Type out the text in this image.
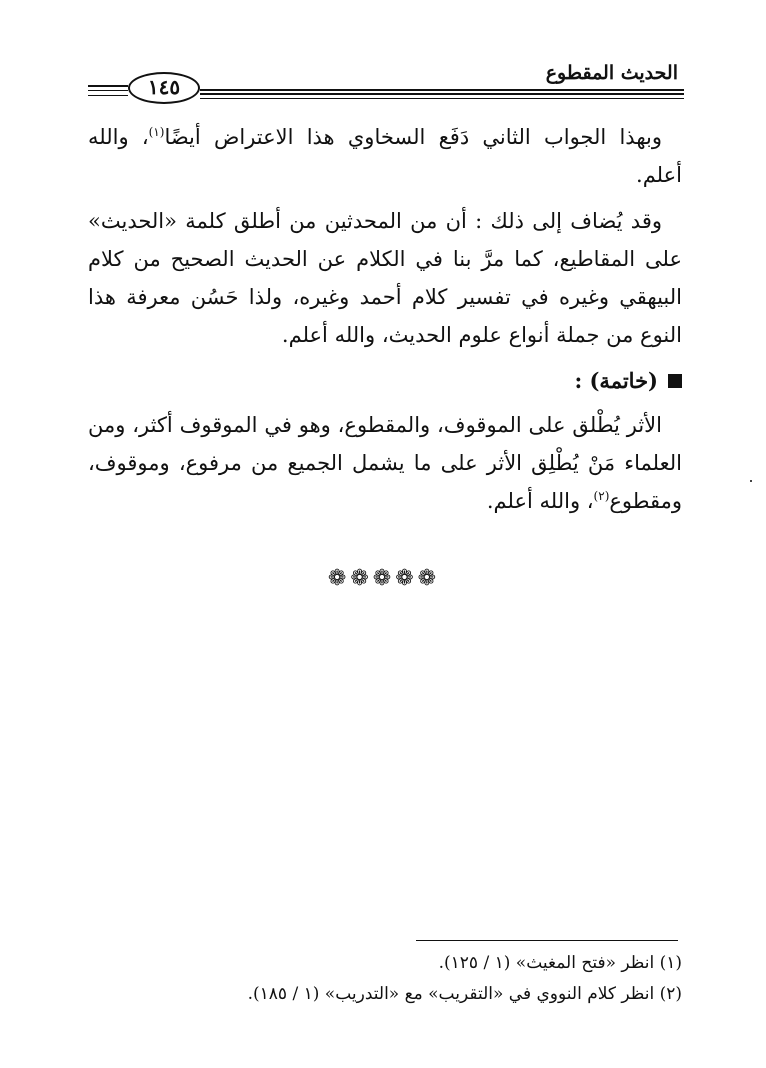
١٤٥
الحديث المقطوع

وبهذا الجواب الثاني دَفَع السخاوي هذا الاعتراض أيضًا$^{(١)}$، والله أعلم.

وقد يُضاف إلى ذلك : أن من المحدثين من أطلق كلمة «الحديث» على المقاطيع، كما مرَّ بنا في الكلام عن الحديث الصحيح من كلام البيهقي وغيره في تفسير كلام أحمد وغيره، ولذا حَسُن معرفة هذا النوع من جملة أنواع علوم الحديث، والله أعلم.

(خاتمة) :

الأثر يُطْلق على الموقوف، والمقطوع، وهو في الموقوف أكثر، ومن العلماء مَنْ يُطْلِق الأثر على ما يشمل الجميع من مرفوع، وموقوف، ومقطوع$^{(٢)}$، والله أعلم.

❁❁❁❁❁

(١) انظر «فتح المغيث» (١ / ١٢٥).

(٢) انظر كلام النووي في «التقريب» مع «التدريب» (١ / ١٨٥).
